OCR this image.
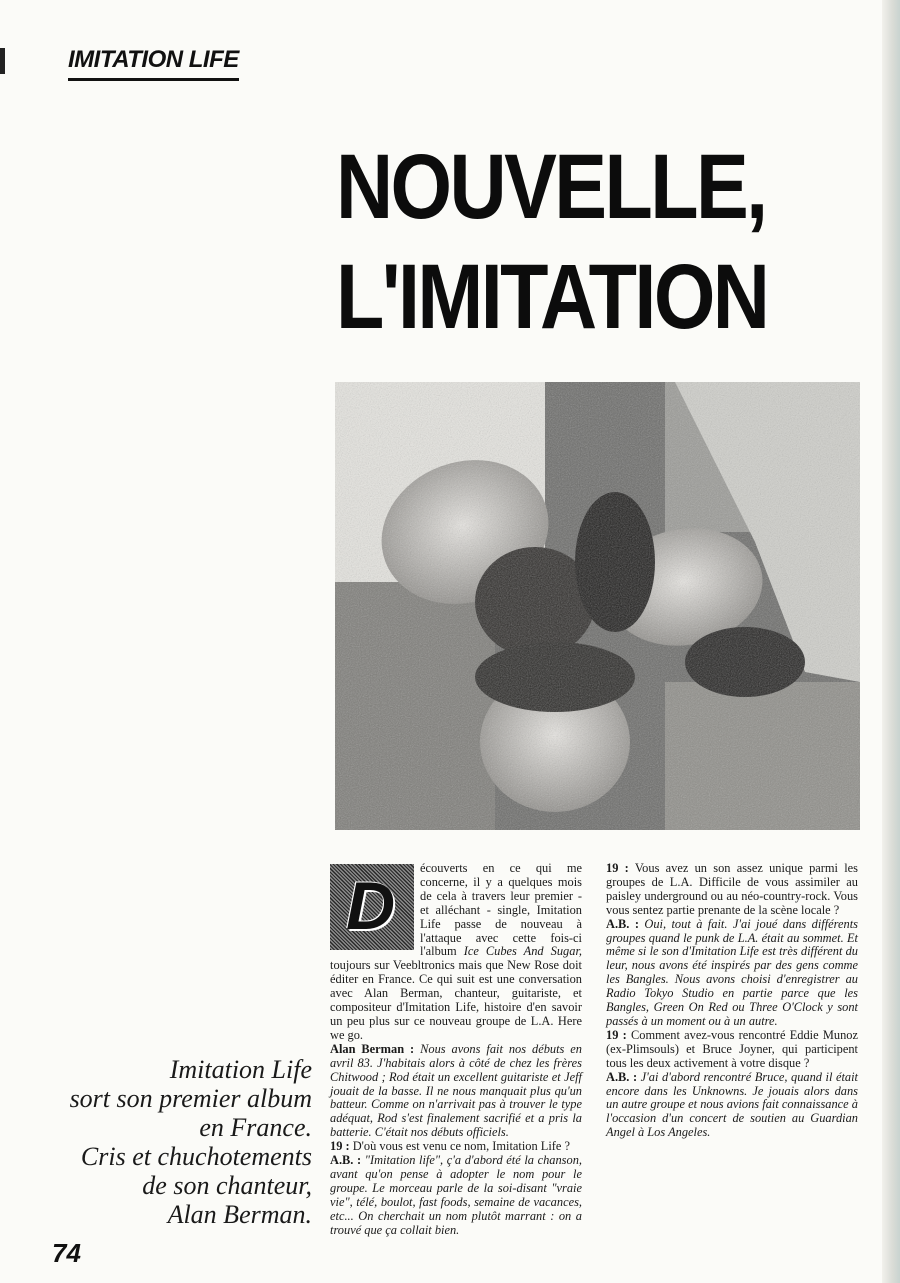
IMITATION LIFE
NOUVELLE,
L'IMITATION
Imitation Life
sort son premier album
en France.
Cris et chuchotements
de son chanteur,
Alan Berman.
74

D écouverts en ce qui me concerne, il y a quelques mois de cela à travers leur premier - et alléchant - single, Imitation Life passe de nouveau à l'attaque avec cette fois-ci l'album Ice Cubes And Sugar, toujours sur Veebltronics mais que New Rose doit éditer en France. Ce qui suit est une conversation avec Alan Berman, chanteur, guitariste, et compositeur d'Imitation Life, histoire d'en savoir un peu plus sur ce nouveau groupe de L.A. Here we go.

Alan Berman : Nous avons fait nos débuts en avril 83. J'habitais alors à côté de chez les frères Chitwood ; Rod était un excellent guitariste et Jeff jouait de la basse. Il ne nous manquait plus qu'un batteur. Comme on n'arrivait pas à trouver le type adéquat, Rod s'est finalement sacrifié et a pris la batterie. C'était nos débuts officiels.

19 : D'où vous est venu ce nom, Imitation Life ?

A.B. : "Imitation life", ç'a d'abord été la chanson, avant qu'on pense à adopter le nom pour le groupe. Le morceau parle de la soi-disant "vraie vie", télé, boulot, fast foods, semaine de vacances, etc... On cherchait un nom plutôt marrant : on a trouvé que ça collait bien.

19 : Vous avez un son assez unique parmi les groupes de L.A. Difficile de vous assimiler au paisley underground ou au néo-country-rock. Vous vous sentez partie prenante de la scène locale ?

A.B. : Oui, tout à fait. J'ai joué dans différents groupes quand le punk de L.A. était au sommet. Et même si le son d'Imitation Life est très différent du leur, nous avons été inspirés par des gens comme les Bangles. Nous avons choisi d'enregistrer au Radio Tokyo Studio en partie parce que les Bangles, Green On Red ou Three O'Clock y sont passés à un moment ou à un autre.

19 : Comment avez-vous rencontré Eddie Munoz (ex-Plimsouls) et Bruce Joyner, qui participent tous les deux activement à votre disque ?

A.B. : J'ai d'abord rencontré Bruce, quand il était encore dans les Unknowns. Je jouais alors dans un autre groupe et nous avions fait connaissance à l'occasion d'un concert de soutien au Guardian Angel à Los Angeles.
